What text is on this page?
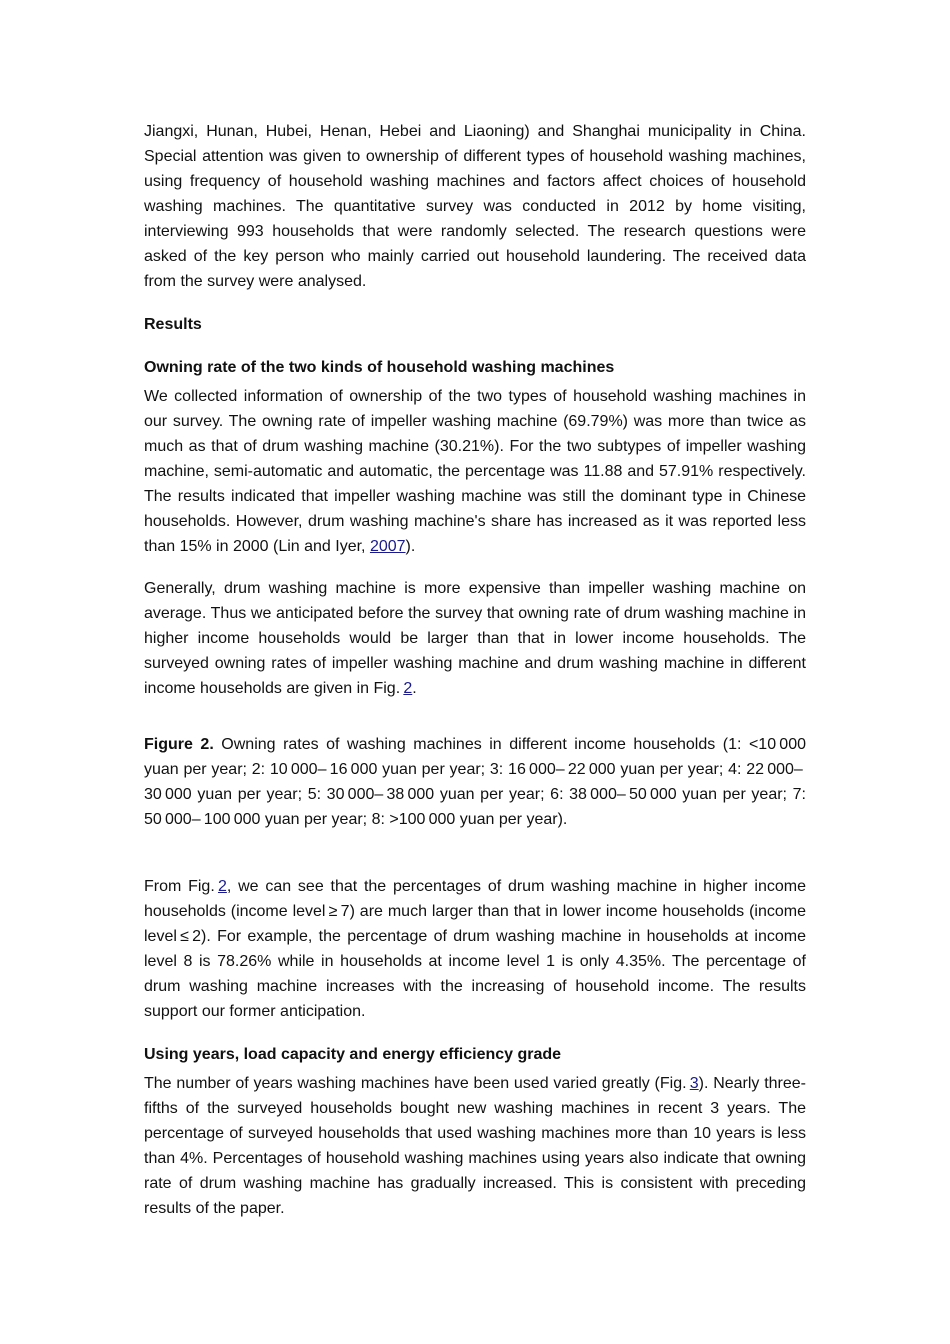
Jiangxi, Hunan, Hubei, Henan, Hebei and Liaoning) and Shanghai municipality in China. Special attention was given to ownership of different types of household washing machines, using frequency of household washing machines and factors affect choices of household washing machines. The quantitative survey was conducted in 2012 by home visiting, interviewing 993 households that were randomly selected. The research questions were asked of the key person who mainly carried out household laundering. The received data from the survey were analysed.

Results
Owning rate of the two kinds of household washing machines

We collected information of ownership of the two types of household washing machines in our survey. The owning rate of impeller washing machine (69.79%) was more than twice as much as that of drum washing machine (30.21%). For the two subtypes of impeller washing machine, semi-automatic and automatic, the percentage was 11.88 and 57.91% respectively. The results indicated that impeller washing machine was still the dominant type in Chinese households. However, drum washing machine's share has increased as it was reported less than 15% in 2000 (Lin and Iyer, 2007).

Generally, drum washing machine is more expensive than impeller washing machine on average. Thus we anticipated before the survey that owning rate of drum washing machine in higher income households would be larger than that in lower income households. The surveyed owning rates of impeller washing machine and drum washing machine in different income households are given in Fig. 2.

Figure 2. Owning rates of washing machines in different income households (1: <10 000 yuan per year; 2: 10 000– 16 000 yuan per year; 3: 16 000– 22 000 yuan per year; 4: 22 000– 30 000 yuan per year; 5: 30 000– 38 000 yuan per year; 6: 38 000– 50 000 yuan per year; 7: 50 000– 100 000 yuan per year; 8: >100 000 yuan per year).

From Fig. 2, we can see that the percentages of drum washing machine in higher income households (income level ≥ 7) are much larger than that in lower income households (income level ≤ 2). For example, the percentage of drum washing machine in households at income level 8 is 78.26% while in households at income level 1 is only 4.35%. The percentage of drum washing machine increases with the increasing of household income. The results support our former anticipation.

Using years, load capacity and energy efficiency grade

The number of years washing machines have been used varied greatly (Fig. 3). Nearly three-fifths of the surveyed households bought new washing machines in recent 3 years. The percentage of surveyed households that used washing machines more than 10 years is less than 4%. Percentages of household washing machines using years also indicate that owning rate of drum washing machine has gradually increased. This is consistent with preceding results of the paper.
